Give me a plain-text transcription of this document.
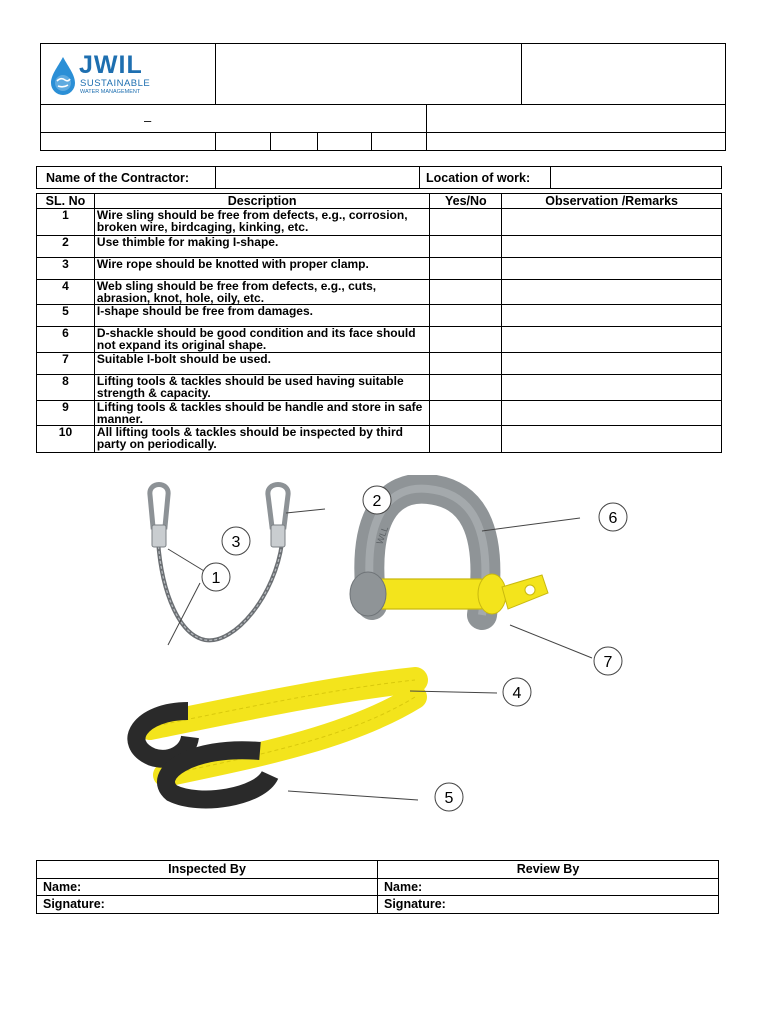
JWIL
SUSTAINABLE
WATER MANAGEMENT

–

Name of the Contractor:		Location of work:	
SL. No	Description	Yes/No	Observation /Remarks
1	Wire sling should be free from defects, e.g., corrosion, broken wire, birdcaging, kinking, etc.		
2	Use thimble for making I-shape.		
3	Wire rope should be knotted with proper clamp.		
4	Web sling should be free from defects, e.g., cuts, abrasion, knot, hole, oily, etc.		
5	I-shape should be free from damages.		
6	D-shackle should be good condition and its face should not expand its original shape.		
7	Suitable I-bolt should be used.		
8	Lifting tools & tackles should be used having suitable strength & capacity.		
9	Lifting tools & tackles should be handle and store in safe manner.		
10	All lifting tools & tackles should be inspected by third party on periodically.		
WLL
1
2
3
4
5
6
7
Inspected By	Review By
Name:	Name:
Signature:	Signature:
